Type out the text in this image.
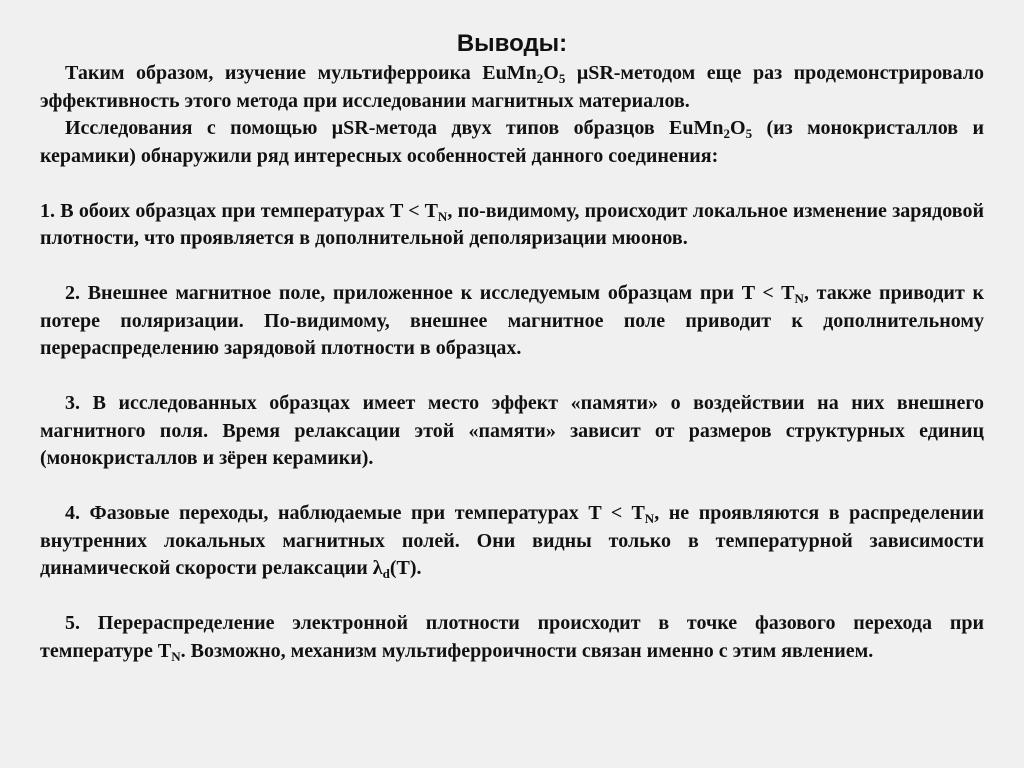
Выводы:

Таким образом, изучение мультиферроика $EuMn_2O_5$ μSR-методом еще раз продемонстрировало эффективность этого метода при исследовании магнитных материалов.

Исследования с помощью μSR-метода двух типов образцов $EuMn_2O_5$ (из монокристаллов и керамики) обнаружили ряд интересных особенностей данного соединения:

1. В обоих образцах при температурах $T < T_N$, по-видимому, происходит локальное изменение зарядовой плотности, что проявляется в дополнительной деполяризации мюонов.

2. Внешнее магнитное поле, приложенное к исследуемым образцам при $T < T_N$, также приводит к потере поляризации. По-видимому, внешнее магнитное поле приводит к дополнительному перераспределению зарядовой плотности в образцах.

3. В исследованных образцах имеет место эффект «памяти» о воздействии на них внешнего магнитного поля. Время релаксации этой «памяти» зависит от размеров структурных единиц (монокристаллов и зёрен керамики).

4. Фазовые переходы, наблюдаемые при температурах $T < T_N$, не проявляются в распределении внутренних локальных магнитных полей. Они видны только в температурной зависимости динамической скорости релаксации $\lambda_d(T)$.

5. Перераспределение электронной плотности происходит в точке фазового перехода при температуре $T_N$. Возможно, механизм мультиферроичности связан именно с этим явлением.
